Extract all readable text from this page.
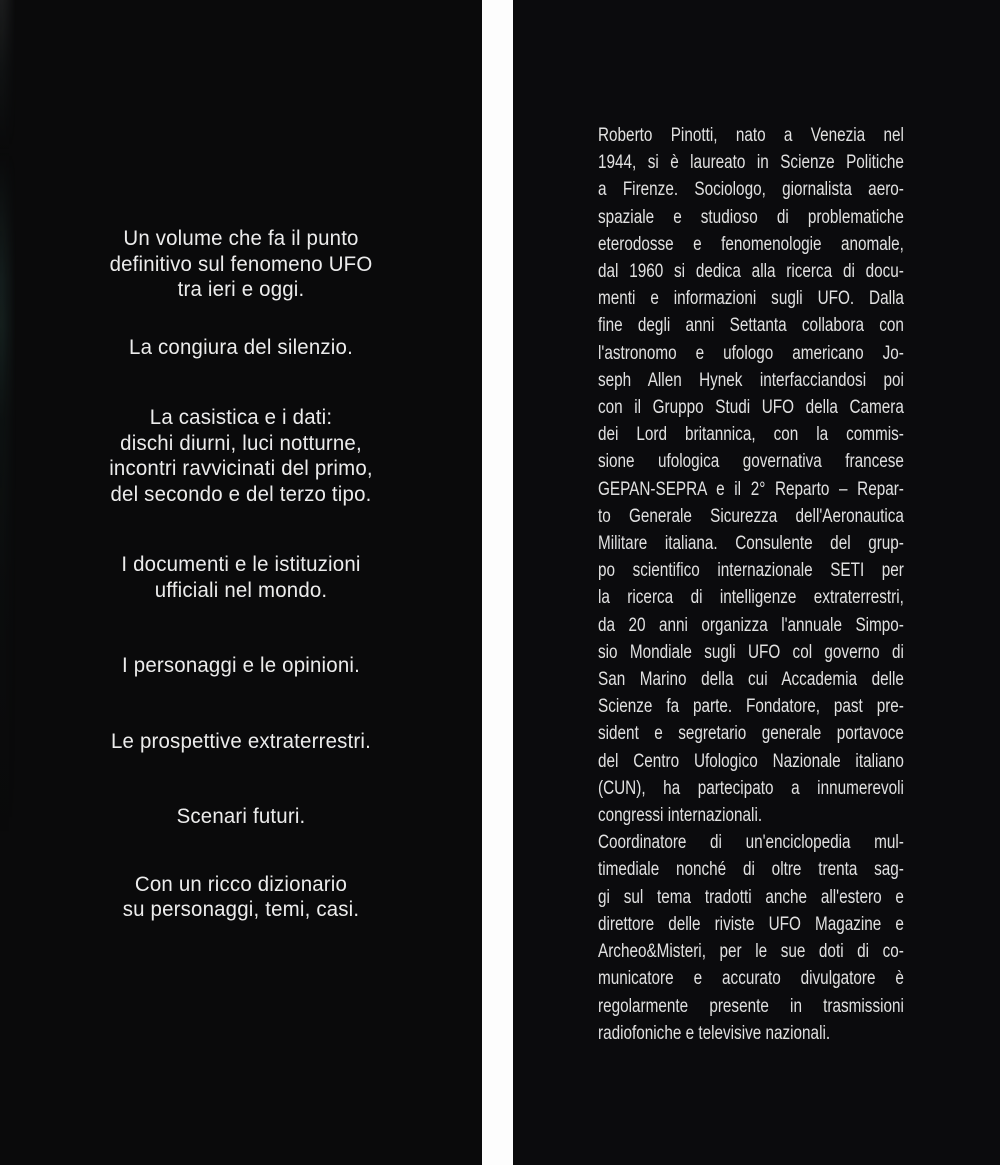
Un volume che fa il punto
definitivo sul fenomeno UFO
tra ieri e oggi.
La congiura del silenzio.
La casistica e i dati:
dischi diurni, luci notturne,
incontri ravvicinati del primo,
del secondo e del terzo tipo.
I documenti e le istituzioni
ufficiali nel mondo.
I personaggi e le opinioni.
Le prospettive extraterrestri.
Scenari futuri.
Con un ricco dizionario
su personaggi, temi, casi.
Roberto Pinotti, nato a Venezia nel
1944, si è laureato in Scienze Politiche
a Firenze. Sociologo, giornalista aero-
spaziale e studioso di problematiche
eterodosse e fenomenologie anomale,
dal 1960 si dedica alla ricerca di docu-
menti e informazioni sugli UFO. Dalla
fine degli anni Settanta collabora con
l'astronomo e ufologo americano Jo-
seph Allen Hynek interfacciandosi poi
con il Gruppo Studi UFO della Camera
dei Lord britannica, con la commis-
sione ufologica governativa francese
GEPAN-SEPRA e il 2° Reparto – Repar-
to Generale Sicurezza dell'Aeronautica
Militare italiana. Consulente del grup-
po scientifico internazionale SETI per
la ricerca di intelligenze extraterrestri,
da 20 anni organizza l'annuale Simpo-
sio Mondiale sugli UFO col governo di
San Marino della cui Accademia delle
Scienze fa parte. Fondatore, past pre-
sident e segretario generale portavoce
del Centro Ufologico Nazionale italiano
(CUN), ha partecipato a innumerevoli
congressi internazionali.
Coordinatore di un'enciclopedia mul-
timediale nonché di oltre trenta sag-
gi sul tema tradotti anche all'estero e
direttore delle riviste UFO Magazine e
Archeo&Misteri, per le sue doti di co-
municatore e accurato divulgatore è
regolarmente presente in trasmissioni
radiofoniche e televisive nazionali.
